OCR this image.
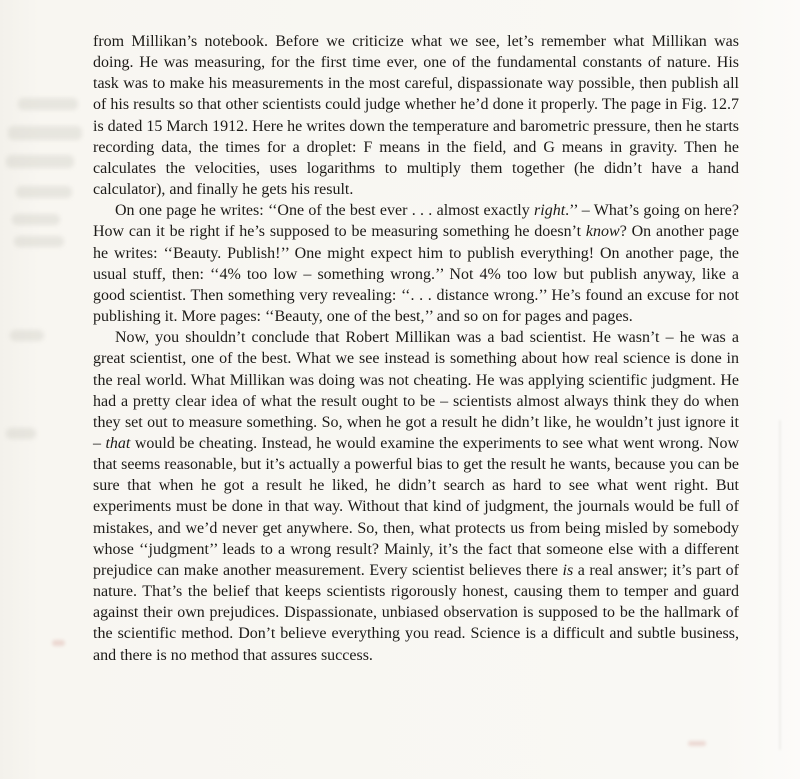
from Millikan’s notebook. Before we criticize what we see, let’s remember what Millikan was doing. He was measuring, for the first time ever, one of the fundamental constants of nature. His task was to make his measurements in the most careful, dispassionate way possible, then publish all of his results so that other scientists could judge whether he’d done it properly. The page in Fig. 12.7 is dated 15 March 1912. Here he writes down the temperature and barometric pressure, then he starts recording data, the times for a droplet: F means in the field, and G means in gravity. Then he calculates the velocities, uses logarithms to multiply them together (he didn’t have a hand calculator), and finally he gets his result.

On one page he writes: ‘‘One of the best ever . . . almost exactly right.’’ – What’s going on here? How can it be right if he’s supposed to be measuring something he doesn’t know? On another page he writes: ‘‘Beauty. Publish!’’ One might expect him to publish everything! On another page, the usual stuff, then: ‘‘4% too low – something wrong.’’ Not 4% too low but publish anyway, like a good scientist. Then something very revealing: ‘‘. . . distance wrong.’’ He’s found an excuse for not publishing it. More pages: ‘‘Beauty, one of the best,’’ and so on for pages and pages.

Now, you shouldn’t conclude that Robert Millikan was a bad scientist. He wasn’t – he was a great scientist, one of the best. What we see instead is something about how real science is done in the real world. What Millikan was doing was not cheating. He was applying scientific judgment. He had a pretty clear idea of what the result ought to be – scientists almost always think they do when they set out to measure something. So, when he got a result he didn’t like, he wouldn’t just ignore it – that would be cheating. Instead, he would examine the experiments to see what went wrong. Now that seems reasonable, but it’s actually a powerful bias to get the result he wants, because you can be sure that when he got a result he liked, he didn’t search as hard to see what went right. But experiments must be done in that way. Without that kind of judgment, the journals would be full of mistakes, and we’d never get anywhere. So, then, what protects us from being misled by somebody whose ‘‘judgment’’ leads to a wrong result? Mainly, it’s the fact that someone else with a different prejudice can make another measurement. Every scientist believes there is a real answer; it’s part of nature. That’s the belief that keeps scientists rigorously honest, causing them to temper and guard against their own prejudices. Dispassionate, unbiased observation is supposed to be the hallmark of the scientific method. Don’t believe everything you read. Science is a difficult and subtle business, and there is no method that assures success.
